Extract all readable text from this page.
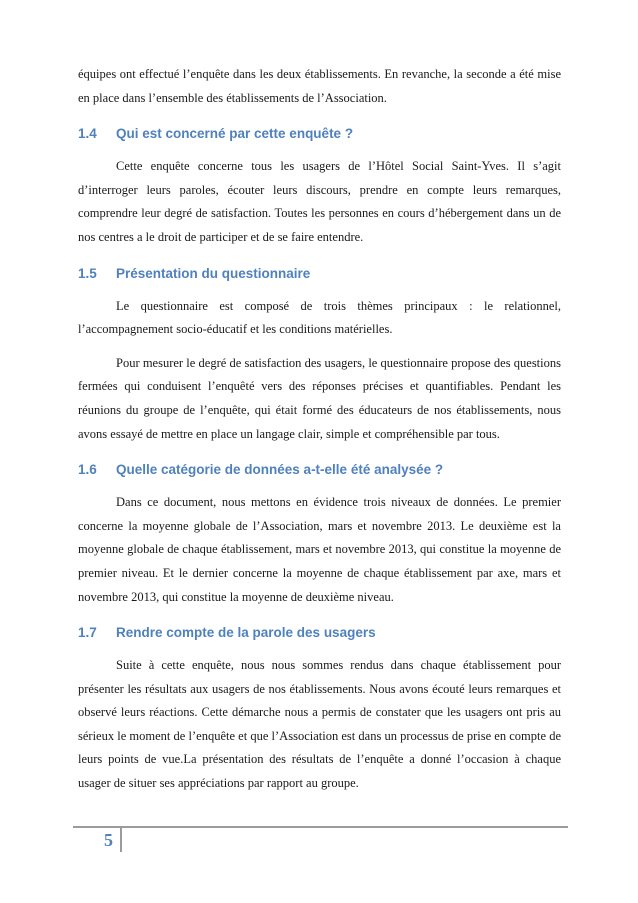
équipes ont effectué l’enquête dans les deux établissements. En revanche, la seconde a été mise en place dans l’ensemble des établissements de l’Association.

1.4 Qui est concerné par cette enquête ?

Cette enquête concerne tous les usagers de l’Hôtel Social Saint-Yves. Il s’agit d’interroger leurs paroles, écouter leurs discours, prendre en compte leurs remarques, comprendre leur degré de satisfaction. Toutes les personnes en cours d’hébergement dans un de nos centres a le droit de participer et de se faire entendre.

1.5 Présentation du questionnaire

Le questionnaire est composé de trois thèmes principaux : le relationnel, l’accompagnement socio-éducatif et les conditions matérielles.

Pour mesurer le degré de satisfaction des usagers, le questionnaire propose des questions fermées qui conduisent l’enquêté vers des réponses précises et quantifiables. Pendant les réunions du groupe de l’enquête, qui était formé des éducateurs de nos établissements, nous avons essayé de mettre en place un langage clair, simple et compréhensible par tous.

1.6 Quelle catégorie de données a-t-elle été analysée ?

Dans ce document, nous mettons en évidence trois niveaux de données. Le premier concerne la moyenne globale de l’Association, mars et novembre 2013. Le deuxième est la moyenne globale de chaque établissement, mars et novembre 2013, qui constitue la moyenne de premier niveau. Et le dernier concerne la moyenne de chaque établissement par axe, mars et novembre 2013, qui constitue la moyenne de deuxième niveau.

1.7 Rendre compte de la parole des usagers

Suite à cette enquête, nous nous sommes rendus dans chaque établissement pour présenter les résultats aux usagers de nos établissements. Nous avons écouté leurs remarques et observé leurs réactions. Cette démarche nous a permis de constater que les usagers ont pris au sérieux le moment de l’enquête et que l’Association est dans un processus de prise en compte de leurs points de vue.La présentation des résultats de l’enquête a donné l’occasion à chaque usager de situer ses appréciations par rapport au groupe.

5
